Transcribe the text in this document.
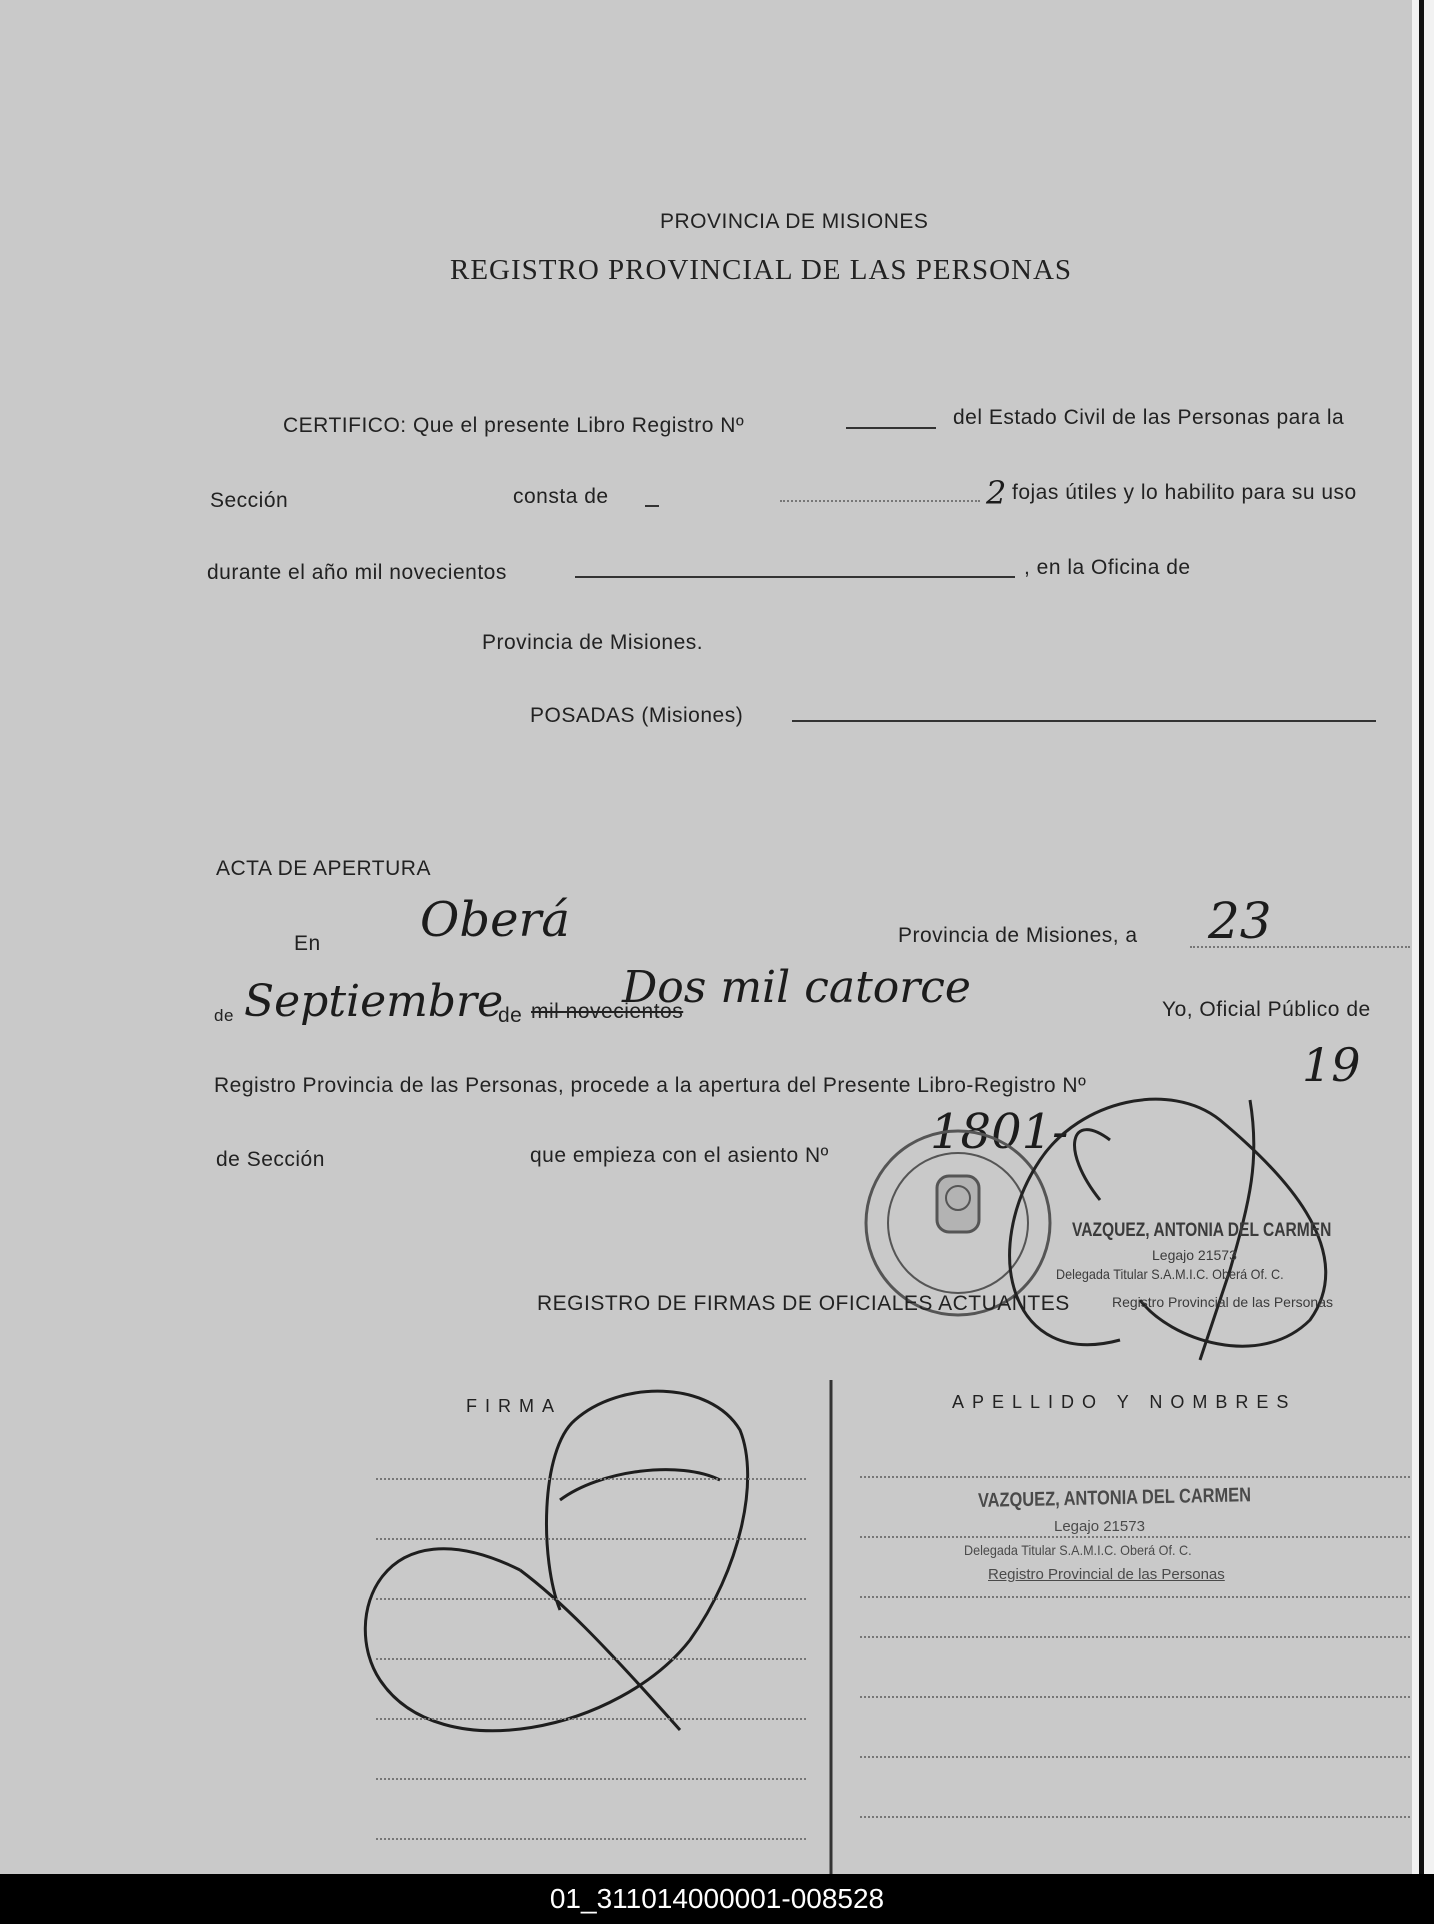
PROVINCIA DE MISIONES
REGISTRO PROVINCIAL DE LAS PERSONAS
CERTIFICO: Que el presente Libro Registro Nº	del Estado Civil de las Personas para la
Sección	consta de	2 fojas útiles y lo habilito para su uso
durante el año mil novecientos	, en la Oficina de
Provincia de Misiones.
POSADAS (Misiones)
ACTA DE APERTURA
En Oberá	Provincia de Misiones, a 23
de Septiembre
de mil novecientos
Dos mil catorce	Yo, Oficial Público de
Registro Provincia de las Personas, procede a la apertura del Presente Libro-Registro Nº	19
de Sección	que empieza con el asiento Nº 1801-
VAZQUEZ, ANTONIA DEL CARMEN
Legajo 21573
Delegada Titular S.A.M.I.C. Oberá Of. C.
Registro Provincial de las Personas
REGISTRO DE FIRMAS DE OFICIALES ACTUANTES
FIRMA	APELLIDO Y NOMBRES
VAZQUEZ, ANTONIA DEL CARMEN
Legajo 21573
Delegada Titular S.A.M.I.C. Oberá Of. C.
Registro Provincial de las Personas
01_311014000001-008528
